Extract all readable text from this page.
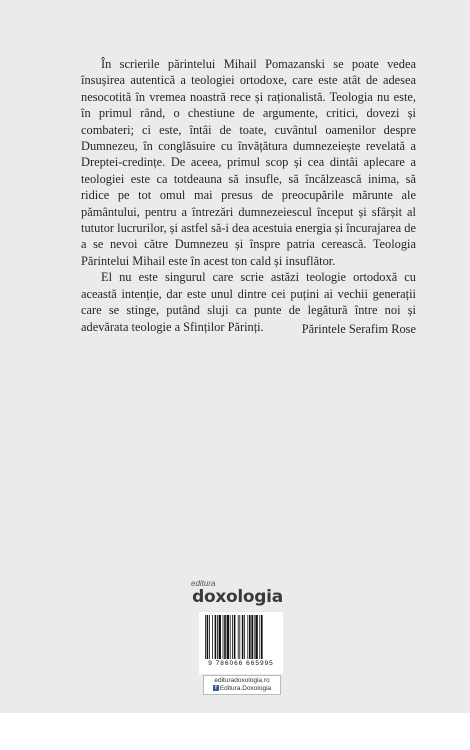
În scrierile părintelui Mihail Pomazanski se poate vedea însușirea autentică a teologiei ortodoxe, care este atât de adesea nesocotită în vremea noastră rece și raționalistă. Teologia nu este, în primul rând, o chestiune de argumente, critici, dovezi și combateri; ci este, întâi de toate, cuvântul oamenilor despre Dumnezeu, în conglăsuire cu învățătura dumnezeiește revelată a Dreptei-credințe. De aceea, primul scop și cea dintâi aplecare a teologiei este ca totdeauna să insufle, să încălzească inima, să ridice pe tot omul mai presus de preocupările mărunte ale pământului, pentru a întrezări dumnezeiescul început și sfârșit al tututor lucrurilor, și astfel să-i dea acestuia energia și încurajarea de a se nevoi către Dumnezeu și înspre patria cerească. Teologia Părintelui Mihail este în acest ton cald și insuflător.

El nu este singurul care scrie astăzi teologie ortodoxă cu această intenție, dar este unul dintre cei puțini ai vechii generații care se stinge, putând sluji ca punte de legătură între noi și adevărata teologie a Sfinților Părinți.	Părintele Serafim Rose
editura
doxologia
9 786066 665995
edituradoxologia.ro
f Editura.Doxologia
